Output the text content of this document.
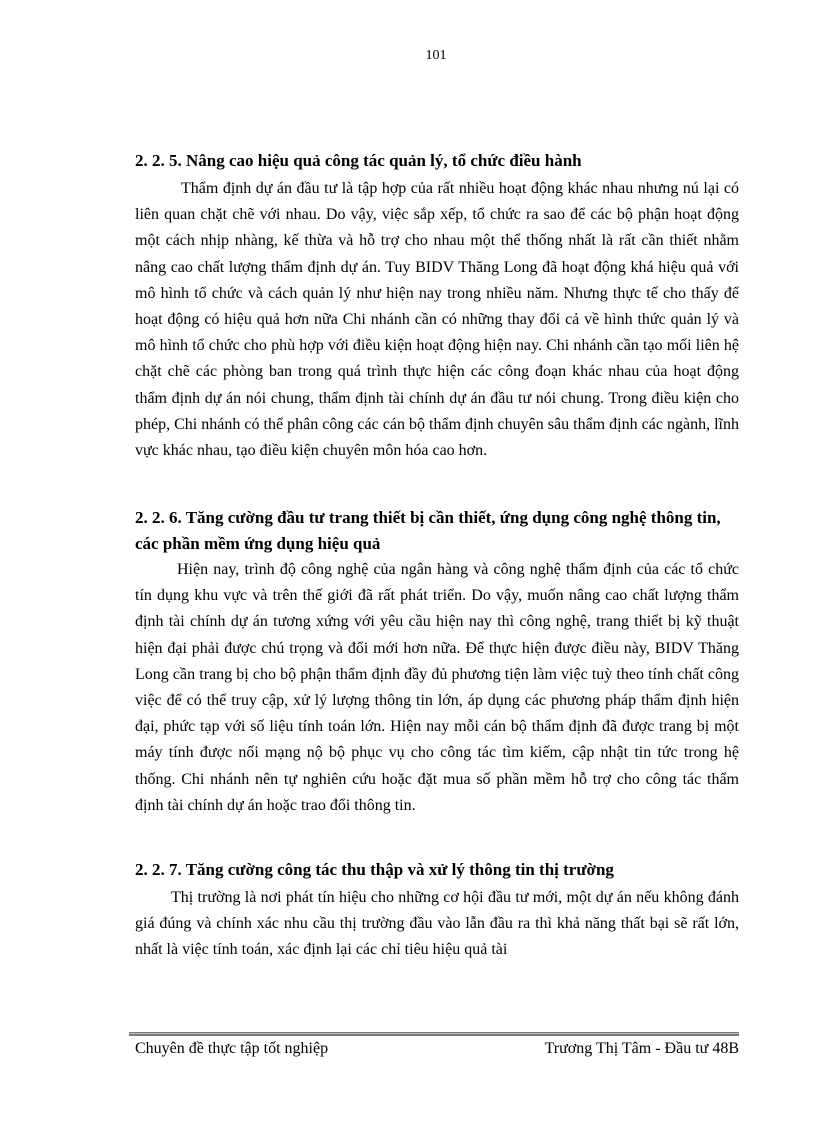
101
2. 2. 5. Nâng cao hiệu quả công tác quản lý, tổ chức điều hành

Thẩm định dự án đầu tư là tập hợp của rất nhiều hoạt động khác nhau nhưng nú lại có liên quan chặt chẽ với nhau. Do vậy, việc sắp xếp, tổ chức ra sao để các bộ phận hoạt động một cách nhịp nhàng, kế thừa và hỗ trợ cho nhau một thể thống nhất là rất cần thiết nhằm nâng cao chất lượng thẩm định dự án. Tuy BIDV Thăng Long đã hoạt động khá hiệu quả với mô hình tổ chức và cách quản lý như hiện nay trong nhiều năm. Nhưng thực tế cho thấy để hoạt động có hiệu quả hơn nữa Chi nhánh cần có những thay đổi cả về hình thức quản lý và mô hình tổ chức cho phù hợp với điều kiện hoạt động hiện nay. Chi nhánh cần tạo mối liên hệ chặt chẽ các phòng ban trong quá trình thực hiện các công đoạn khác nhau của hoạt động thẩm định dự án nói chung, thẩm định tài chính dự án đầu tư nói chung. Trong điều kiện cho phép, Chi nhánh có thể phân công các cán bộ thẩm định chuyên sâu thẩm định các ngành, lĩnh vực khác nhau, tạo điều kiện chuyên môn hóa cao hơn.

2. 2. 6. Tăng cường đầu tư trang thiết bị cần thiết, ứng dụng công nghệ thông tin, các phần mềm ứng dụng hiệu quả

Hiện nay, trình độ công nghệ của ngân hàng và công nghệ thẩm định của các tổ chức tín dụng khu vực và trên thế giới đã rất phát triển. Do vậy, muốn nâng cao chất lượng thẩm định tài chính dự án tương xứng với yêu cầu hiện nay thì công nghệ, trang thiết bị kỹ thuật hiện đại phải được chú trọng và đổi mới hơn nữa. Để thực hiện được điều này, BIDV Thăng Long cần trang bị cho bộ phận thẩm định đầy đủ phương tiện làm việc tuỳ theo tính chất công việc để có thể truy cập, xử lý lượng thông tin lớn, áp dụng các phương pháp thẩm định hiện đại, phức tạp với số liệu tính toán lớn. Hiện nay mỗi cán bộ thẩm định đã được trang bị một máy tính được nối mạng nộ bộ phục vụ cho công tác tìm kiếm, cập nhật tin tức trong hệ thống. Chi nhánh nên tự nghiên cứu hoặc đặt mua số phần mềm hỗ trợ cho công tác thẩm định tài chính dự án hoặc trao đổi thông tin.

2. 2. 7. Tăng cường công tác thu thập và xử lý thông tin thị trường

Thị trường là nơi phát tín hiệu cho những cơ hội đầu tư mới, một dự án nếu không đánh giá đúng và chính xác nhu cầu thị trường đầu vào lẫn đầu ra thì khả năng thất bại sẽ rất lớn, nhất là việc tính toán, xác định lại các chỉ tiêu hiệu quả tài

Chuyên đề thực tập tốt nghiệp	Trương Thị Tâm - Đầu tư 48B
